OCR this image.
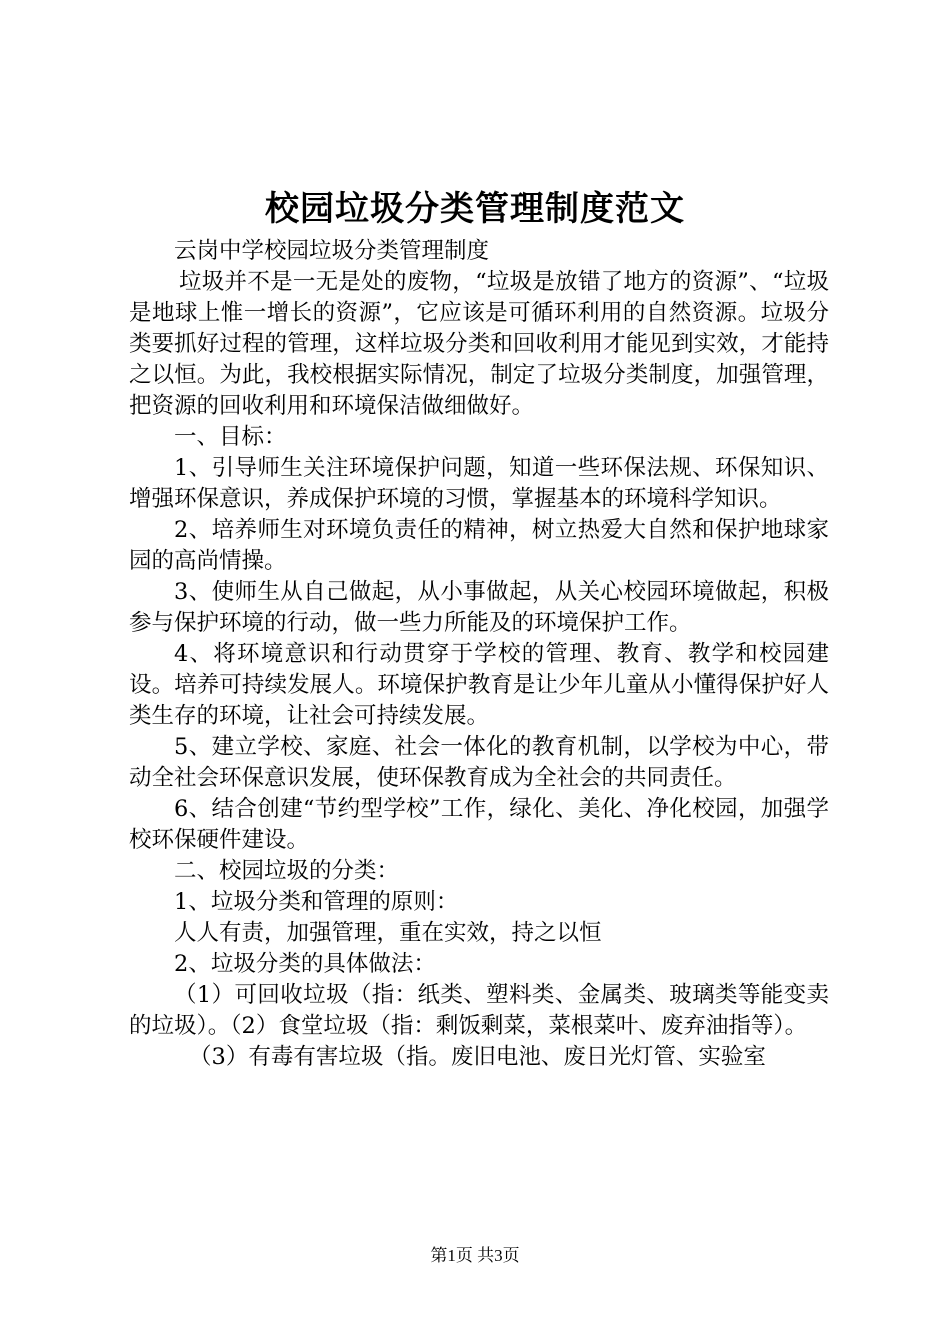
校园垃圾分类管理制度范文

云岗中学校园垃圾分类管理制度

垃圾并不是一无是处的废物，“垃圾是放错了地方的资源”、“垃圾是地球上惟一增长的资源”，它应该是可循环利用的自然资源。垃圾分类要抓好过程的管理，这样垃圾分类和回收利用才能见到实效，才能持之以恒。为此，我校根据实际情况，制定了垃圾分类制度，加强管理，把资源的回收利用和环境保洁做细做好。

一、目标：

1、引导师生关注环境保护问题，知道一些环保法规、环保知识、增强环保意识，养成保护环境的习惯，掌握基本的环境科学知识。

2、培养师生对环境负责任的精神，树立热爱大自然和保护地球家园的高尚情操。

3、使师生从自己做起，从小事做起，从关心校园环境做起，积极参与保护环境的行动，做一些力所能及的环境保护工作。

4、将环境意识和行动贯穿于学校的管理、教育、教学和校园建设。培养可持续发展人。环境保护教育是让少年儿童从小懂得保护好人类生存的环境，让社会可持续发展。

5、建立学校、家庭、社会一体化的教育机制，以学校为中心，带动全社会环保意识发展，使环保教育成为全社会的共同责任。

6、结合创建“节约型学校”工作，绿化、美化、净化校园，加强学校环保硬件建设。

二、校园垃圾的分类：

1、垃圾分类和管理的原则：

人人有责，加强管理，重在实效，持之以恒

2、垃圾分类的具体做法：

（1）可回收垃圾（指：纸类、塑料类、金属类、玻璃类等能变卖的垃圾）。（2）食堂垃圾（指：剩饭剩菜，菜根菜叶、废弃油指等）。

（3）有毒有害垃圾（指。废旧电池、废日光灯管、实验室

第1页 共3页
